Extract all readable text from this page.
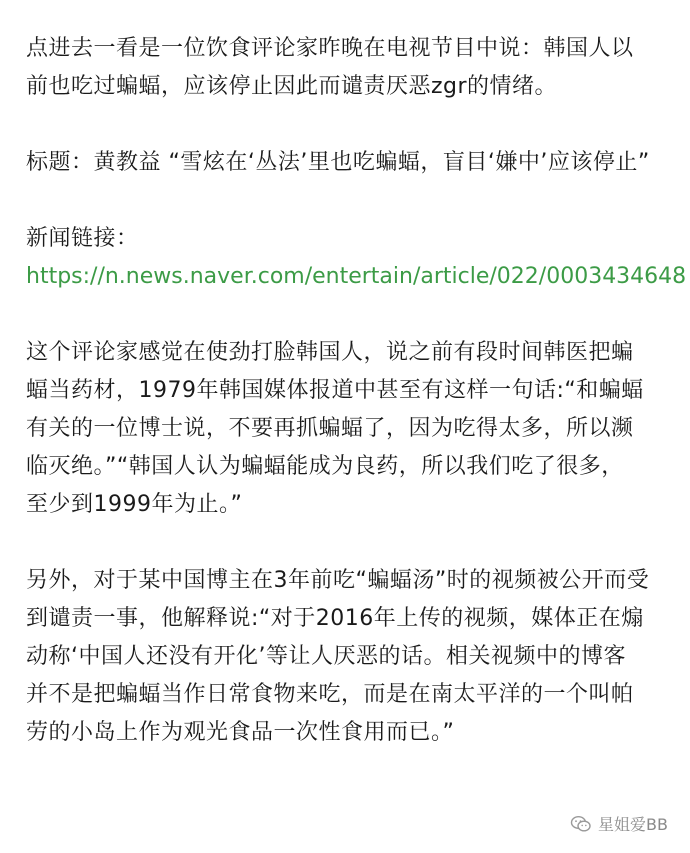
点进去一看是一位饮食评论家昨晚在电视节目中说：韩国人以
前也吃过蝙蝠，应该停止因此而谴责厌恶zgr的情绪。

标题：黄教益 “雪炫在‘丛法’里也吃蝙蝠，盲目‘嫌中’应该停止”

新闻链接：
https://n.news.naver.com/entertain/article/022/0003434648

这个评论家感觉在使劲打脸韩国人，说之前有段时间韩医把蝙
蝠当药材，1979年韩国媒体报道中甚至有这样一句话:“和蝙蝠
有关的一位博士说，不要再抓蝙蝠了，因为吃得太多，所以濒
临灭绝。”“韩国人认为蝙蝠能成为良药，所以我们吃了很多，
至少到1999年为止。”

另外，对于某中国博主在3年前吃“蝙蝠汤”时的视频被公开而受
到谴责一事，他解释说:“对于2016年上传的视频，媒体正在煽
动称‘中国人还没有开化’等让人厌恶的话。相关视频中的博客
并不是把蝙蝠当作日常食物来吃，而是在南太平洋的一个叫帕
劳的小岛上作为观光食品一次性食用而已。”

星姐爱BB
